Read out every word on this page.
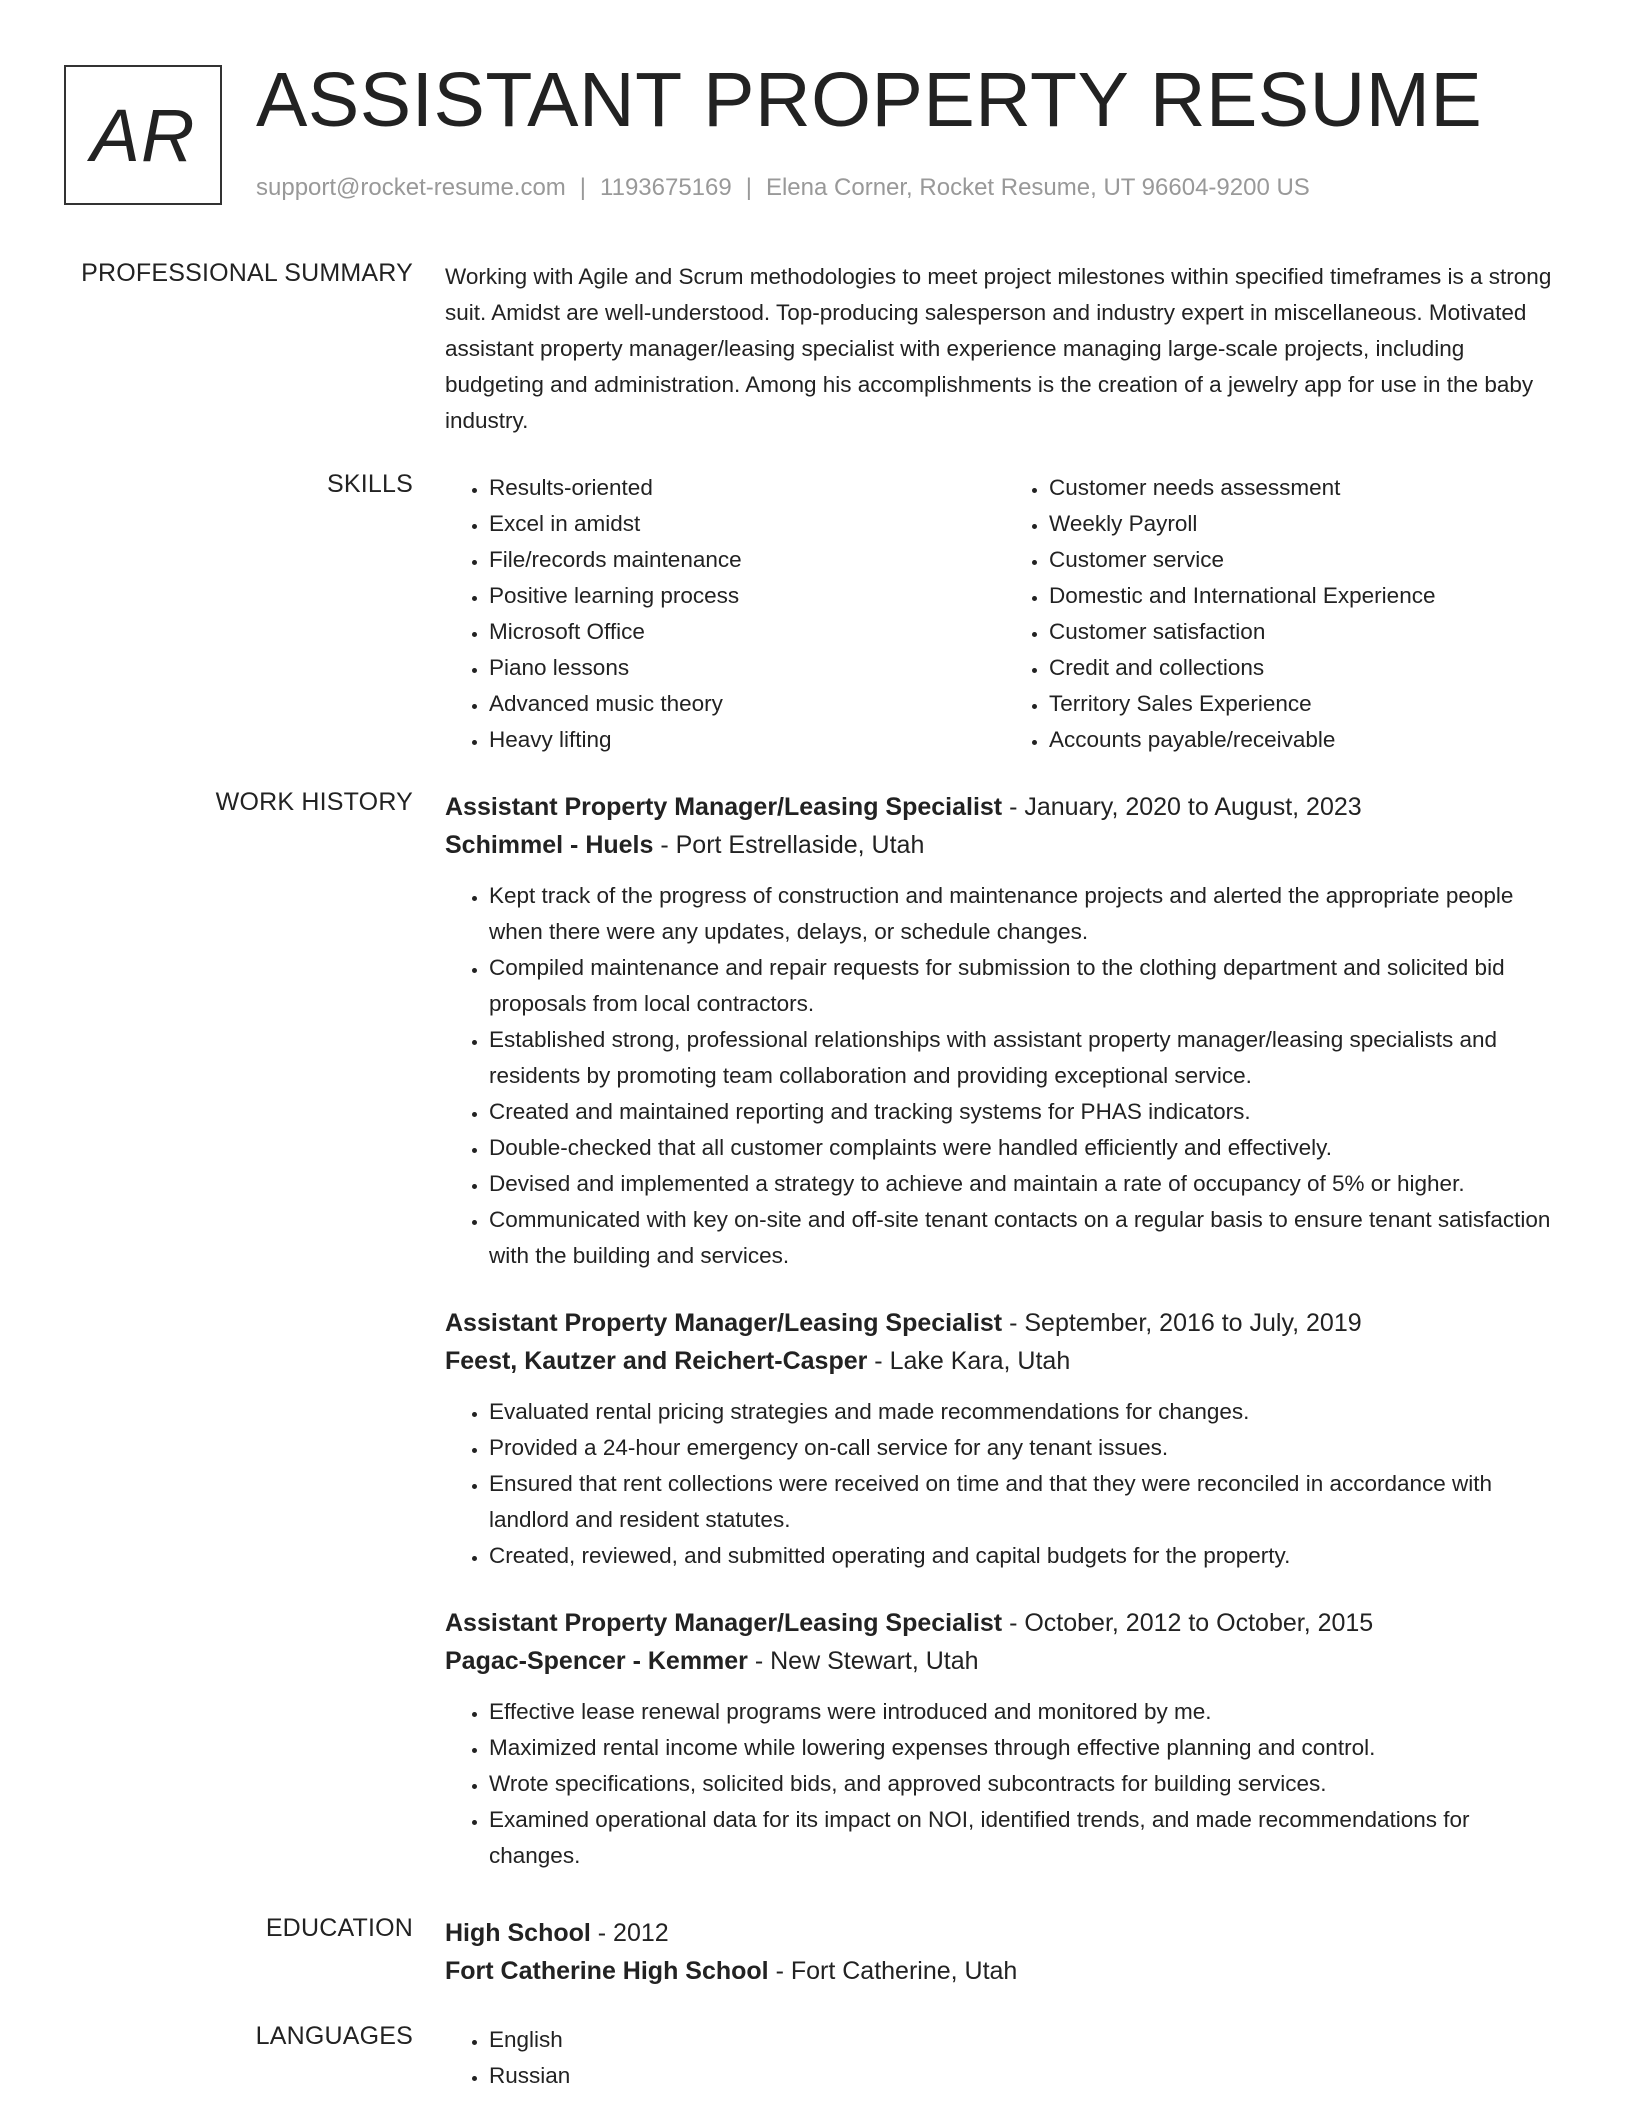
AR ASSISTANT PROPERTY RESUME
support@rocket-resume.com | 1193675169 | Elena Corner, Rocket Resume, UT 96604-9200 US
PROFESSIONAL SUMMARY Working with Agile and Scrum methodologies to meet project milestones within specified timeframes is a strong suit. Amidst are well-understood. Top-producing salesperson and industry expert in miscellaneous. Motivated assistant property manager/leasing specialist with experience managing large-scale projects, including budgeting and administration. Among his accomplishments is the creation of a jewelry app for use in the baby industry.
SKILLS	• Results-oriented
• Excel in amidst
• File/records maintenance
• Positive learning process
• Microsoft Office
• Piano lessons
• Advanced music theory
• Heavy lifting
• Customer needs assessment
• Weekly Payroll
• Customer service
• Domestic and International Experience
• Customer satisfaction
• Credit and collections
• Territory Sales Experience
• Accounts payable/receivable
WORK HISTORY Assistant Property Manager/Leasing Specialist - January, 2020 to August, 2023
Schimmel - Huels - Port Estrellaside, Utah
• Kept track of the progress of construction and maintenance projects and alerted the appropriate people when there were any updates, delays, or schedule changes.
• Compiled maintenance and repair requests for submission to the clothing department and solicited bid proposals from local contractors.
• Established strong, professional relationships with assistant property manager/leasing specialists and residents by promoting team collaboration and providing exceptional service.
• Created and maintained reporting and tracking systems for PHAS indicators.
• Double-checked that all customer complaints were handled efficiently and effectively.
• Devised and implemented a strategy to achieve and maintain a rate of occupancy of 5% or higher.
• Communicated with key on-site and off-site tenant contacts on a regular basis to ensure tenant satisfaction with the building and services.
Assistant Property Manager/Leasing Specialist - September, 2016 to July, 2019
Feest, Kautzer and Reichert-Casper - Lake Kara, Utah
• Evaluated rental pricing strategies and made recommendations for changes.
• Provided a 24-hour emergency on-call service for any tenant issues.
• Ensured that rent collections were received on time and that they were reconciled in accordance with landlord and resident statutes.
• Created, reviewed, and submitted operating and capital budgets for the property.
Assistant Property Manager/Leasing Specialist - October, 2012 to October, 2015
Pagac-Spencer - Kemmer - New Stewart, Utah
• Effective lease renewal programs were introduced and monitored by me.
• Maximized rental income while lowering expenses through effective planning and control.
• Wrote specifications, solicited bids, and approved subcontracts for building services.
• Examined operational data for its impact on NOI, identified trends, and made recommendations for changes.
EDUCATION High School - 2012
Fort Catherine High School - Fort Catherine, Utah
LANGUAGES	• English
• Russian
